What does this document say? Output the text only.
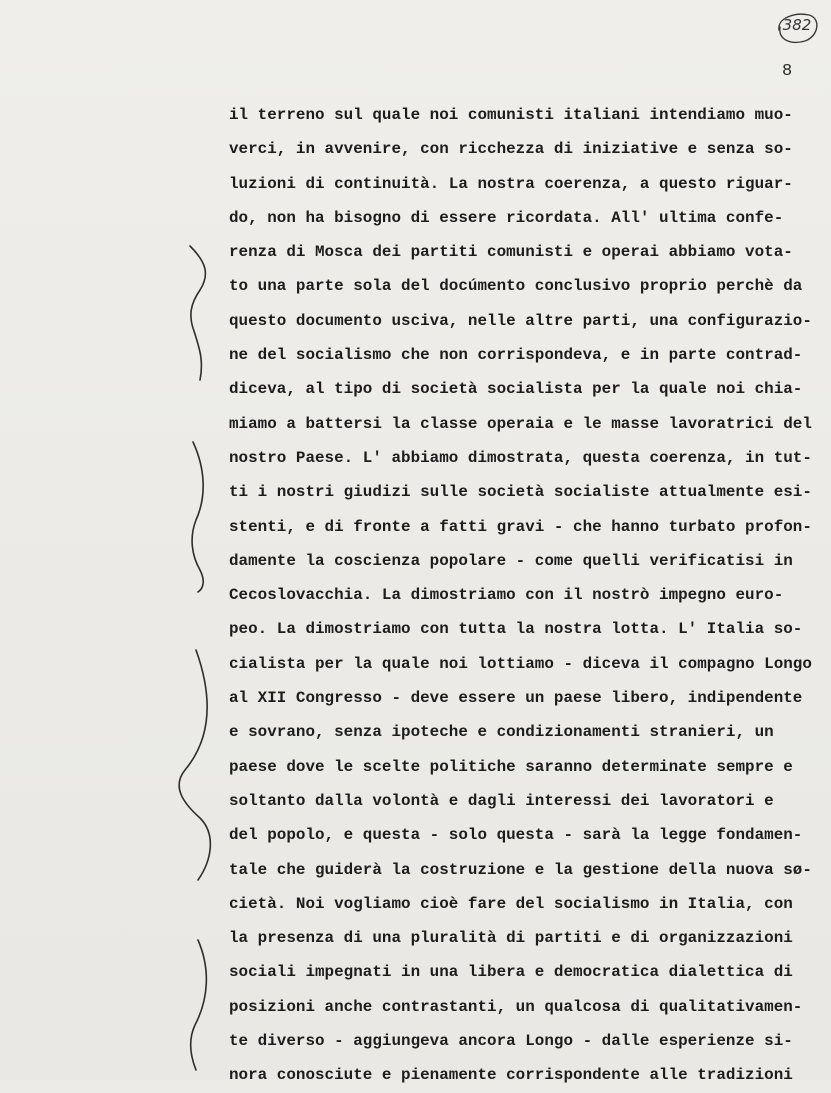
382
8
il terreno sul quale noi comunisti italiani intendiamo muo-
verci, in avvenire, con ricchezza di iniziative e senza so-
luzioni di continuità. La nostra coerenza, a questo riguar-
do, non ha bisogno di essere ricordata. All' ultima confe-
renza di Mosca dei partiti comunisti e operai abbiamo vota-
to una parte sola del docúmento conclusivo proprio perchè da
questo documento usciva, nelle altre parti, una configurazio-
ne del socialismo che non corrispondeva, e in parte contrad-
diceva, al tipo di società socialista per la quale noi chia-
miamo a battersi la classe operaia e le masse lavoratrici del
nostro Paese. L' abbiamo dimostrata, questa coerenza, in tut-
ti i nostri giudizi sulle società socialiste attualmente esi-
stenti, e di fronte a fatti gravi - che hanno turbato profon-
damente la coscienza popolare - come quelli verificatisi in
Cecoslovacchia. La dimostriamo con il nostrò impegno euro-
peo. La dimostriamo con tutta la nostra lotta. L' Italia so-
cialista per la quale noi lottiamo - diceva il compagno Longo
al XII Congresso - deve essere un paese libero, indipendente
e sovrano, senza ipoteche e condizionamenti stranieri, un
paese dove le scelte politiche saranno determinate sempre e
soltanto dalla volontà e dagli interessi dei lavoratori e
del popolo, e questa - solo questa - sarà la legge fondamen-
tale che guiderà la costruzione e la gestione della nuova sø-
cietà. Noi vogliamo cioè fare del socialismo in Italia, con
la presenza di una pluralità di partiti e di organizzazioni
sociali impegnati in una libera e democratica dialettica di
posizioni anche contrastanti, un qualcosa di qualitativamen-
te diverso - aggiungeva ancora Longo - dalle esperienze si-
nora conosciute e pienamente corrispondente alle tradizioni
